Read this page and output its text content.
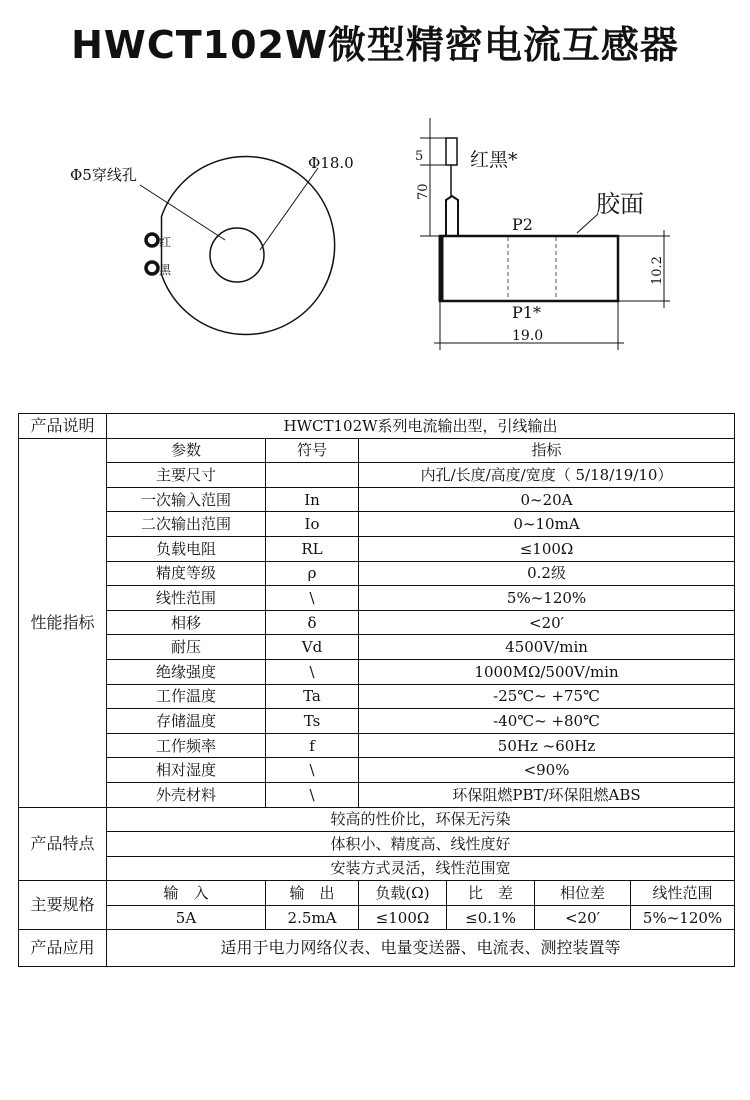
HWCT102W微型精密电流互感器
Φ5穿线孔
Φ18.0
红
黑
5
70
红黑*
胶面
P2
P1*
10.2
19.0
产品说明	HWCT102W系列电流输出型，引线输出					
性能指标	参数	符号	指标			
	主要尺寸		内孔/长度/高度/宽度（ 5/18/19/10）			
	一次输入范围	In	0~20A			
	二次输出范围	Io	0~10mA			
	负载电阻	RL	≤100Ω			
	精度等级	ρ	0.2级			
	线性范围	\	5%~120%			
	相移	δ	<20′			
	耐压	Vd	4500V/min			
	绝缘强度	\	1000MΩ/500V/min			
	工作温度	Ta	-25℃~ +75℃			
	存储温度	Ts	-40℃~ +80℃			
	工作频率	f	50Hz ~60Hz			
	相对湿度	\	<90%			
	外壳材料	\	环保阻燃PBT/环保阻燃ABS			
产品特点	较高的性价比，环保无污染					
	体积小、精度高、线性度好					
	安装方式灵活，线性范围宽					
主要规格	输　入	输　出	负载(Ω)	比　差	相位差	线性范围
	5A	2.5mA	≤100Ω	≤0.1%	<20′	5%~120%
产品应用	适用于电力网络仪表、电量变送器、电流表、测控装置等					
